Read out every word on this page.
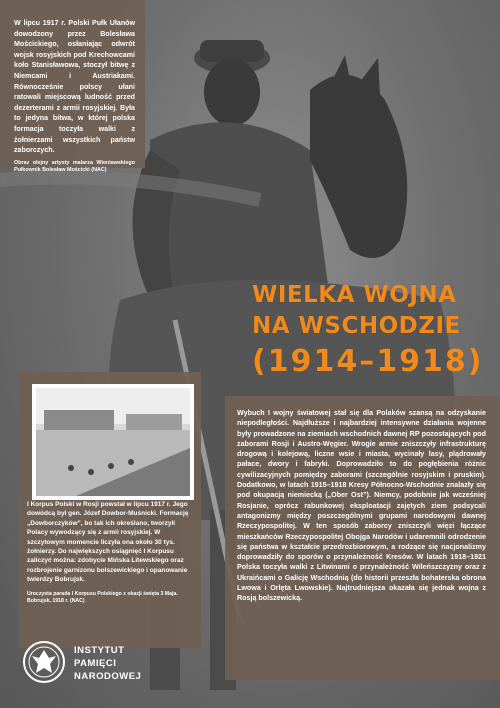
W lipcu 1917 r. Polski Pułk Ułanów dowodzony przez Bolesława Mościckiego, osłaniając odwrót wojsk rosyjskich pod Krechowcami koło Stanisławowa, stoczył bitwę z Niemcami i Austriakami. Równocześnie polscy ułani ratowali miejscową ludność przed dezerterami z armii rosyjskiej. Była to jedyna bitwa, w której polska formacja toczyła walki z żołnierzami wszystkich państw zaborczych.

Obraz olejny artysty malarza Wieniawskiego Pułkownik Bolesław Mościcki (NAC)

WIELKA WOJNA
NA WSCHODZIE
(1914–1918)

I Korpus Polski w Rosji powstał w lipcu 1917 r. Jego dowódcą był gen. Józef Dowbor-Muśnicki. Formację „Dowborczyków”, bo tak ich określano, tworzyli Polacy wywodzący się z armii rosyjskiej. W szczytowym momencie liczyła ona około 30 tys. żołnierzy. Do największych osiągnięć I Korpusu zaliczyć można: zdobycie Mińska Litewskiego oraz rozbrojenie garnizonu bolszewickiego i opanowanie twierdzy Bobrujsk.

Uroczysta parada I Korpusu Polskiego z okazji święta 3 Maja. Bobrujsk, 1918 r. (NAC)

Wybuch I wojny światowej stał się dla Polaków szansą na odzyskanie niepodległości. Najdłuższe i najbardziej intensywne działania wojenne były prowadzone na ziemiach wschodnich dawnej RP pozostających pod zaborami Rosji i Austro-Węgier. Wrogie armie zniszczyły infrastrukturę drogową i kolejową, liczne wsie i miasta, wycinały lasy, plądrowały pałace, dwory i fabryki. Doprowadziło to do pogłębienia różnic cywilizacyjnych pomiędzy zaborami (szczególnie rosyjskim i pruskim). Dodatkowo, w latach 1915–1918 Kresy Północno-Wschodnie znalazły się pod okupacją niemiecką („Ober Ost”). Niemcy, podobnie jak wcześniej Rosjanie, oprócz rabunkowej eksploatacji zajętych ziem podsycali antagonizmy między poszczególnymi grupami narodowymi dawnej Rzeczypospolitej. W ten sposób zaborcy zniszczyli więzi łączące mieszkańców Rzeczypospolitej Obojga Narodów i udaremnili odrodzenie się państwa w kształcie przedrozbiorowym, a rodzące się nacjonalizmy doprowadziły do sporów o przynależność Kresów. W latach 1918–1921 Polska toczyła walki z Litwinami o przynależność Wileńszczyzny oraz z Ukraińcami o Galicję Wschodnią (do historii przeszła bohaterska obrona Lwowa i Orlęta Lwowskie). Najtrudniejsza okazała się jednak wojna z Rosją bolszewicką.

INSTYTUT
PAMIĘCI
NARODOWEJ
